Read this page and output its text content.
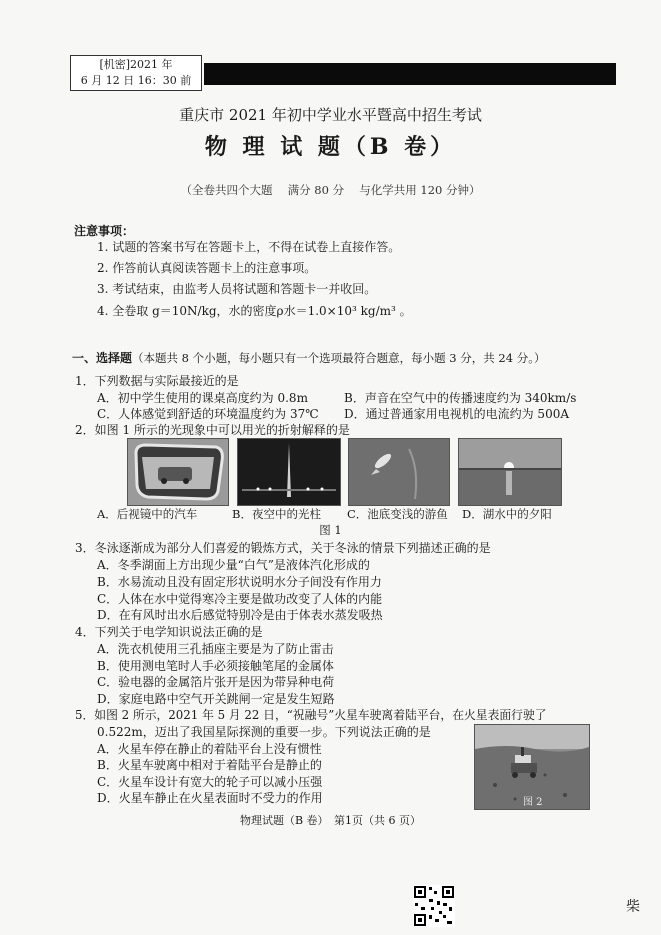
[机密]2021 年
6 月 12 日 16：30 前
重庆市 2021 年初中学业水平暨高中招生考试
物 理 试 题（B 卷）
（全卷共四个大题　 满分 80 分　 与化学共用 120 分钟）
注意事项：
1. 试题的答案书写在答题卡上，不得在试卷上直接作答。
2. 作答前认真阅读答题卡上的注意事项。
3. 考试结束，由监考人员将试题和答题卡一并收回。
4. 全卷取 g＝10N/kg，水的密度ρ水＝1.0×10³ kg/m³ 。
一、选择题（本题共 8 个小题，每小题只有一个选项最符合题意，每小题 3 分，共 24 分。）
1．下列数据与实际最接近的是
A．初中学生使用的课桌高度约为 0.8m	B．声音在空气中的传播速度约为 340km/s
C．人体感觉到舒适的环境温度约为 37℃ D．通过普通家用电视机的电流约为 500A
2．如图 1 所示的光现象中可以用光的折射解释的是
A．后视镜中的汽车	B．夜空中的光柱 C．池底变浅的游鱼 D．湖水中的夕阳
图 1
3．冬泳逐渐成为部分人们喜爱的锻炼方式，关于冬泳的情景下列描述正确的是
A．冬季湖面上方出现少量“白气”是液体汽化形成的
B．水易流动且没有固定形状说明水分子间没有作用力
C．人体在水中觉得寒冷主要是做功改变了人体的内能
D．在有风时出水后感觉特别冷是由于体表水蒸发吸热
4．下列关于电学知识说法正确的是
A．洗衣机使用三孔插座主要是为了防止雷击
B．使用测电笔时人手必须接触笔尾的金属体
C．验电器的金属箔片张开是因为带异种电荷
D．家庭电路中空气开关跳闸一定是发生短路
5．如图 2 所示，2021 年 5 月 22 日，“祝融号”火星车驶离着陆平台，在火星表面行驶了
0.522m，迈出了我国星际探测的重要一步。下列说法正确的是
A．火星车停在静止的着陆平台上没有惯性
B．火星车驶离中相对于着陆平台是静止的
C．火星车设计有宽大的轮子可以减小压强
D．火星车静止在火星表面时不受力的作用	图 2
物理试题（B 卷）　第1页（共 6 页）
柴
